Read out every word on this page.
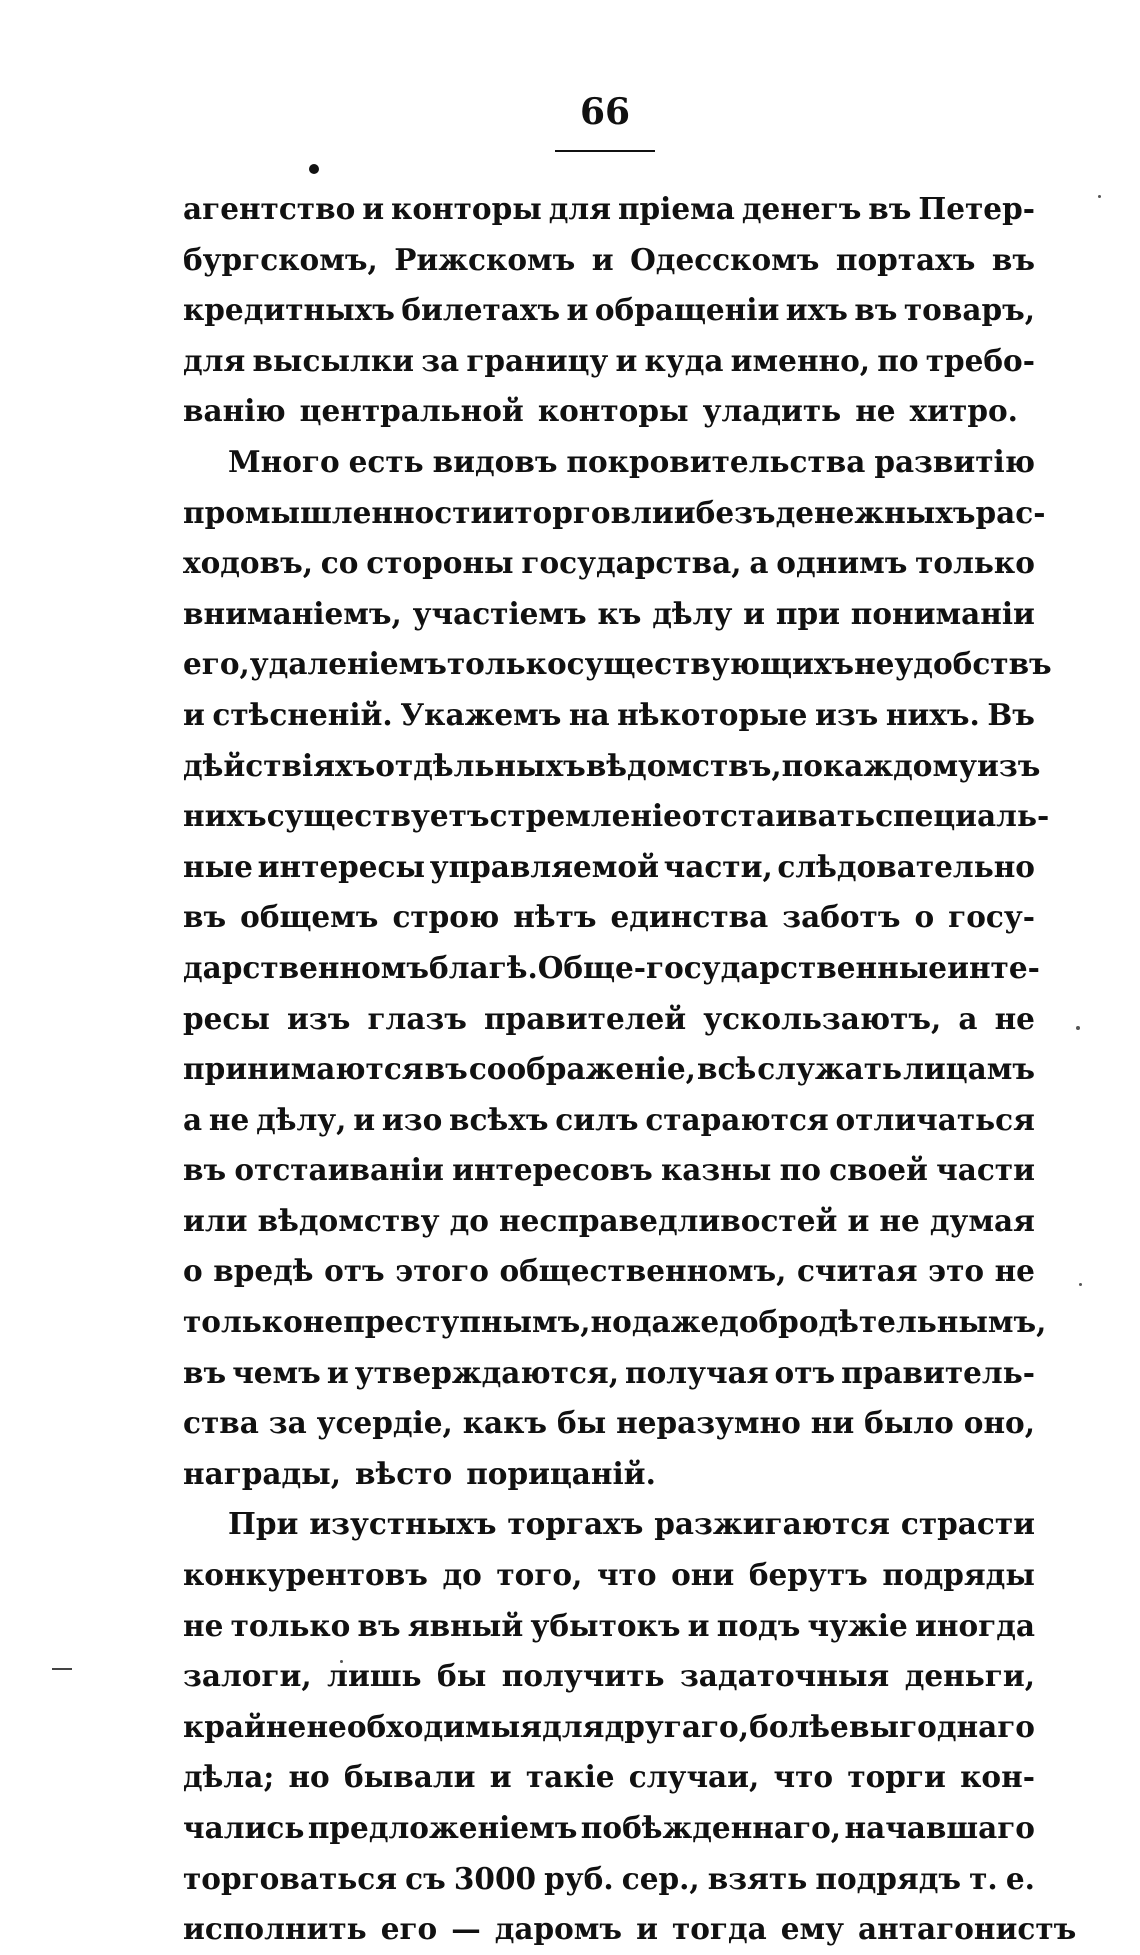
66
агентство и конторы для пріема денегъ въ Петер-
бургскомъ, Рижскомъ и Одесскомъ портахъ въ
кредитныхъ билетахъ и обращеніи ихъ въ товаръ,
для высылки за границу и куда именно, по требо-
ванію центральной конторы уладить не хитро.
Много есть видовъ покровительства развитію
промышленности и торговли и безъ денежныхъ рас-
ходовъ, со стороны государства, а однимъ только
вниманіемъ, участіемъ къ дѣлу и при пониманіи
его, удаленіемъ только существующихъ неудобствъ
и стѣсненій. Укажемъ на нѣкоторые изъ нихъ. Въ
дѣйствіяхъ отдѣльныхъ вѣдомствъ, по каждому изъ
нихъ существуетъ стремленіе отстаивать специаль-
ные интересы управляемой части, слѣдовательно
въ общемъ строю нѣтъ единства заботъ о госу-
дарственномъ благѣ. Обще-государственные инте-
ресы изъ глазъ правителей ускользаютъ, а не
принимаются въ соображеніе, всѣ служать лицамъ
а не дѣлу, и изо всѣхъ силъ стараются отличаться
въ отстаиваніи интересовъ казны по своей части
или вѣдомству до несправедливостей и не думая
о вредѣ отъ этого общественномъ, считая это не
только не преступнымъ, но даже добродѣтельнымъ,
въ чемъ и утверждаются, получая отъ правитель-
ства за усердіе, какъ бы неразумно ни было оно,
награды, вѣсто порицаній.
При изустныхъ торгахъ разжигаются страсти
конкурентовъ до того, что они берутъ подряды
не только въ явный убытокъ и подъ чужіе иногда
залоги, лишь бы получить задаточныя деньги,
крайне необходимыя для другаго, болѣе выгоднаго
дѣла; но бывали и такіе случаи, что торги кон-
чались предложеніемъ побѣжденнаго, начавшаго
торговаться съ 3000 руб. сер., взять подрядъ т. е.
исполнить его — даромъ и тогда ему антагонистъ
